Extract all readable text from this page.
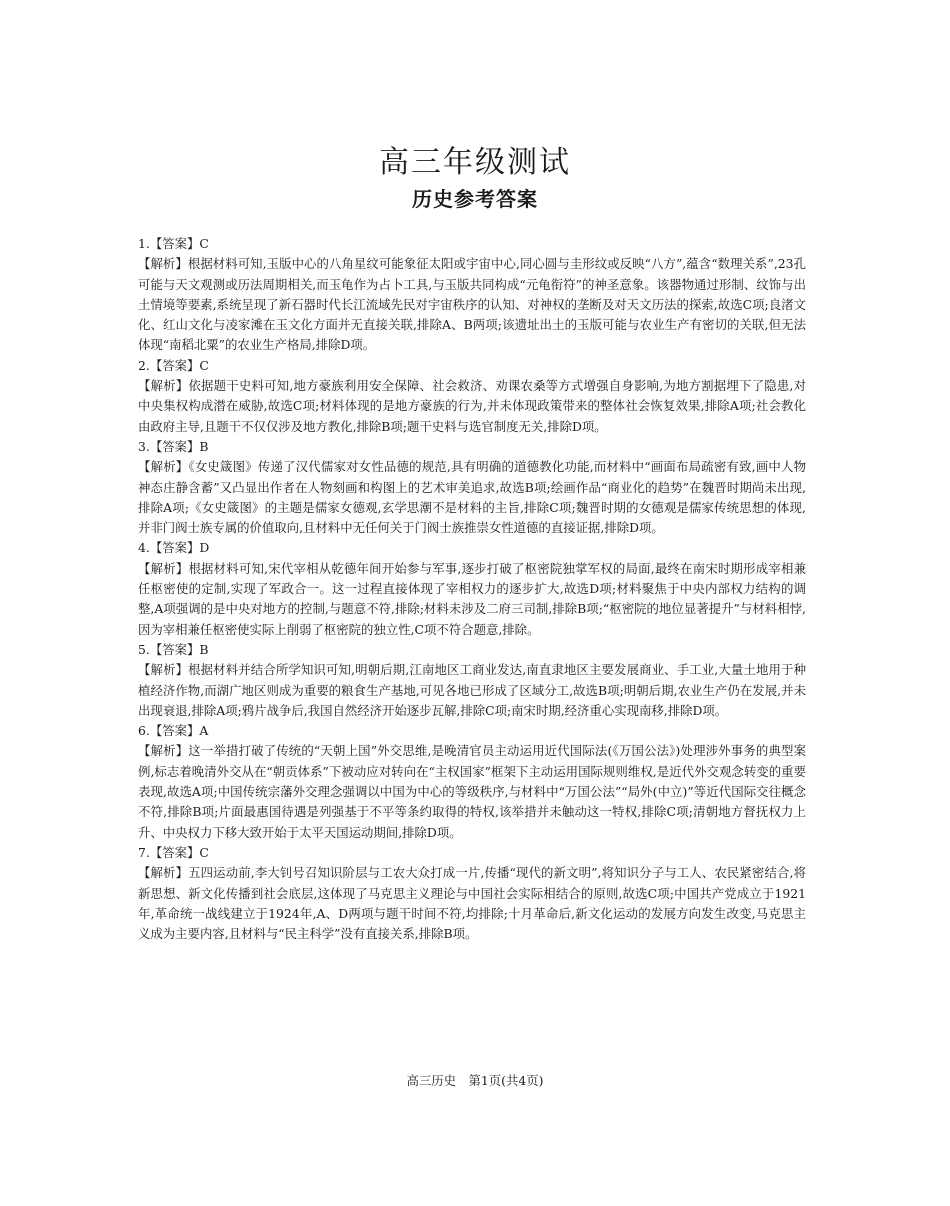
高三年级测试
历史参考答案
1.【答案】C
【解析】根据材料可知,玉版中心的八角星纹可能象征太阳或宇宙中心,同心圆与圭形纹或反映“八方”,蕴含“数理关系”,23孔可能与天文观测或历法周期相关,而玉龟作为占卜工具,与玉版共同构成“元龟衔符”的神圣意象。该器物通过形制、纹饰与出土情境等要素,系统呈现了新石器时代长江流域先民对宇宙秩序的认知、对神权的垄断及对天文历法的探索,故选C项;良渚文化、红山文化与凌家滩在玉文化方面并无直接关联,排除A、B两项;该遗址出土的玉版可能与农业生产有密切的关联,但无法体现“南稻北粟”的农业生产格局,排除D项。
2.【答案】C
【解析】依据题干史料可知,地方豪族利用安全保障、社会救济、劝课农桑等方式增强自身影响,为地方割据埋下了隐患,对中央集权构成潜在威胁,故选C项;材料体现的是地方豪族的行为,并未体现政策带来的整体社会恢复效果,排除A项;社会教化由政府主导,且题干不仅仅涉及地方教化,排除B项;题干史料与选官制度无关,排除D项。
3.【答案】B
【解析】《女史箴图》传递了汉代儒家对女性品德的规范,具有明确的道德教化功能,而材料中“画面布局疏密有致,画中人物神态庄静含蓄”又凸显出作者在人物刻画和构图上的艺术审美追求,故选B项;绘画作品“商业化的趋势”在魏晋时期尚未出现,排除A项;《女史箴图》的主题是儒家女德观,玄学思潮不是材料的主旨,排除C项;魏晋时期的女德观是儒家传统思想的体现,并非门阀士族专属的价值取向,且材料中无任何关于门阀士族推崇女性道德的直接证据,排除D项。
4.【答案】D
【解析】根据材料可知,宋代宰相从乾德年间开始参与军事,逐步打破了枢密院独掌军权的局面,最终在南宋时期形成宰相兼任枢密使的定制,实现了军政合一。这一过程直接体现了宰相权力的逐步扩大,故选D项;材料聚焦于中央内部权力结构的调整,A项强调的是中央对地方的控制,与题意不符,排除;材料未涉及二府三司制,排除B项;“枢密院的地位显著提升”与材料相悖,因为宰相兼任枢密使实际上削弱了枢密院的独立性,C项不符合题意,排除。
5.【答案】B
【解析】根据材料并结合所学知识可知,明朝后期,江南地区工商业发达,南直隶地区主要发展商业、手工业,大量土地用于种植经济作物,而湖广地区则成为重要的粮食生产基地,可见各地已形成了区域分工,故选B项;明朝后期,农业生产仍在发展,并未出现衰退,排除A项;鸦片战争后,我国自然经济开始逐步瓦解,排除C项;南宋时期,经济重心实现南移,排除D项。
6.【答案】A
【解析】这一举措打破了传统的“天朝上国”外交思维,是晚清官员主动运用近代国际法(《万国公法》)处理涉外事务的典型案例,标志着晚清外交从在“朝贡体系”下被动应对转向在“主权国家”框架下主动运用国际规则维权,是近代外交观念转变的重要表现,故选A项;中国传统宗藩外交理念强调以中国为中心的等级秩序,与材料中“万国公法”“局外(中立)”等近代国际交往概念不符,排除B项;片面最惠国待遇是列强基于不平等条约取得的特权,该举措并未触动这一特权,排除C项;清朝地方督抚权力上升、中央权力下移大致开始于太平天国运动期间,排除D项。
7.【答案】C
【解析】五四运动前,李大钊号召知识阶层与工农大众打成一片,传播“现代的新文明”,将知识分子与工人、农民紧密结合,将新思想、新文化传播到社会底层,这体现了马克思主义理论与中国社会实际相结合的原则,故选C项;中国共产党成立于1921年,革命统一战线建立于1924年,A、D两项与题干时间不符,均排除;十月革命后,新文化运动的发展方向发生改变,马克思主义成为主要内容,且材料与“民主科学”没有直接关系,排除B项。
高三历史　第1页(共4页)
